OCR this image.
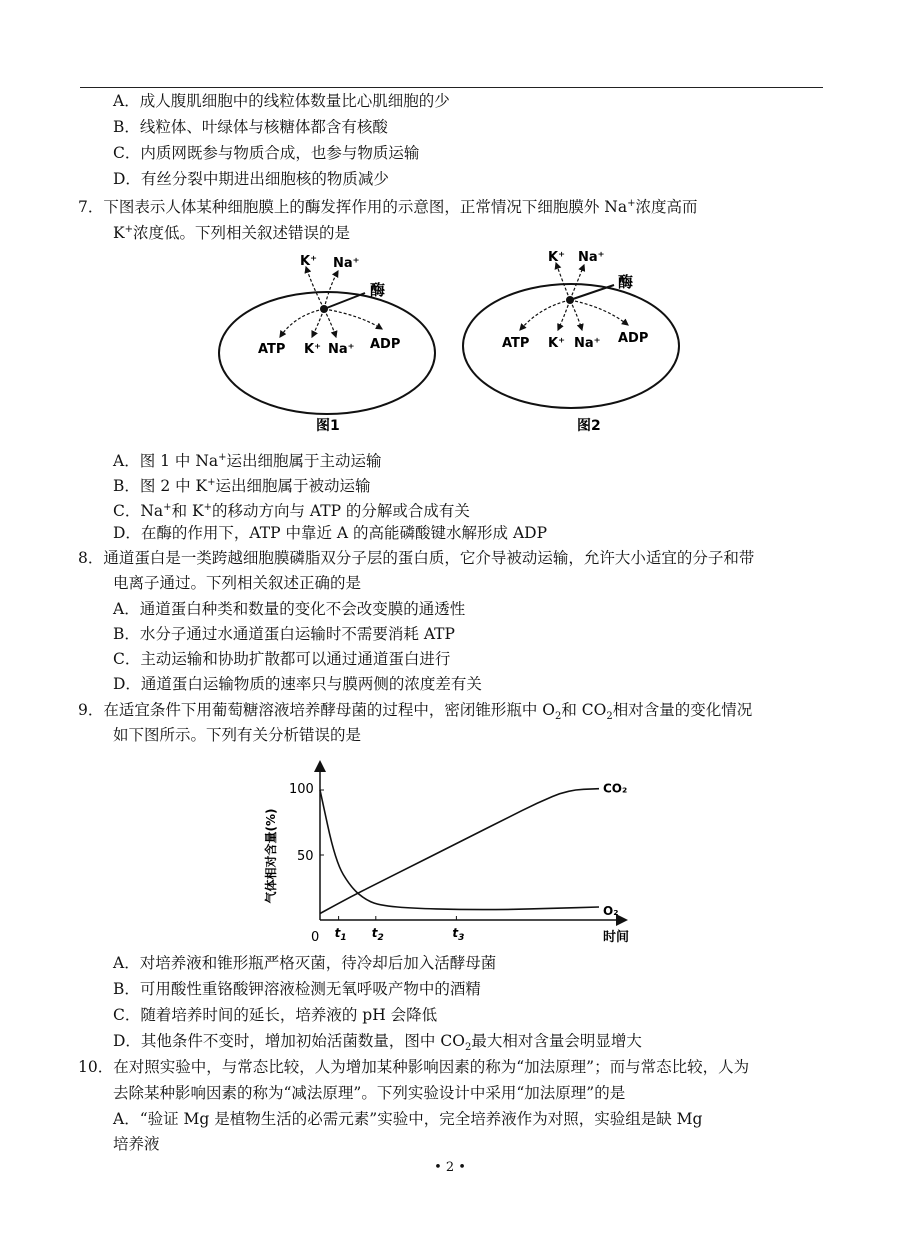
A．成人腹肌细胞中的线粒体数量比心肌细胞的少
B．线粒体、叶绿体与核糖体都含有核酸
C．内质网既参与物质合成，也参与物质运输
D．有丝分裂中期进出细胞核的物质减少
7．下图表示人体某种细胞膜上的酶发挥作用的示意图，正常情况下细胞膜外 Na+浓度高而
K+浓度低。下列相关叙述错误的是
K⁺ Na⁺
酶
ATP K⁺ Na⁺ ADP
图1
K⁺ Na⁺
酶
ATP K⁺ Na⁺ ADP
图2
A．图 1 中 Na+运出细胞属于主动运输
B．图 2 中 K+运出细胞属于被动运输
C．Na+和 K+的移动方向与 ATP 的分解或合成有关
D．在酶的作用下，ATP 中靠近 A 的高能磷酸键水解形成 ADP
8．通道蛋白是一类跨越细胞膜磷脂双分子层的蛋白质，它介导被动运输，允许大小适宜的分子和带
电离子通过。下列相关叙述正确的是
A．通道蛋白种类和数量的变化不会改变膜的通透性
B．水分子通过水通道蛋白运输时不需要消耗 ATP
C．主动运输和协助扩散都可以通过通道蛋白进行
D．通道蛋白运输物质的速率只与膜两侧的浓度差有关
9．在适宜条件下用葡萄糖溶液培养酵母菌的过程中，密闭锥形瓶中 $O_2$和 $CO_2$相对含量的变化情况
如下图所示。下列有关分析错误的是
气体相对含量(%)
时间
100
50
0 $t_1$ $t_2$	$t_3$
CO₂
O₂
A．对培养液和锥形瓶严格灭菌，待冷却后加入活酵母菌
B．可用酸性重铬酸钾溶液检测无氧呼吸产物中的酒精
C．随着培养时间的延长，培养液的 pH 会降低
D．其他条件不变时，增加初始活菌数量，图中 $CO_2$最大相对含量会明显增大
10．在对照实验中，与常态比较，人为增加某种影响因素的称为“加法原理”；而与常态比较，人为
去除某种影响因素的称为“减法原理”。下列实验设计中采用“加法原理”的是
A．“验证 Mg 是植物生活的必需元素”实验中，完全培养液作为对照，实验组是缺 Mg
培养液
• 2 •
